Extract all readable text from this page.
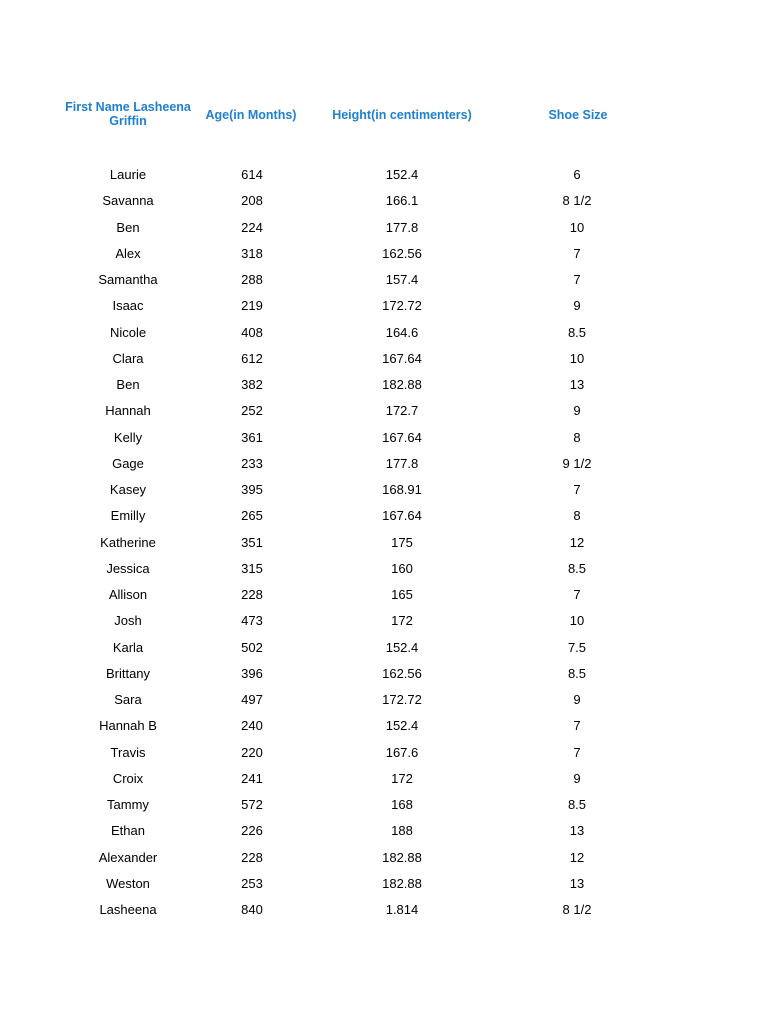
First Name Lasheena Griffin	Age(in Months)	Height(in centimenters)	Shoe Size
Laurie	614	152.4	6
Savanna	208	166.1	8 1/2
Ben	224	177.8	10
Alex	318	162.56	7
Samantha	288	157.4	7
Isaac	219	172.72	9
Nicole	408	164.6	8.5
Clara	612	167.64	10
Ben	382	182.88	13
Hannah	252	172.7	9
Kelly	361	167.64	8
Gage	233	177.8	9 1/2
Kasey	395	168.91	7
Emilly	265	167.64	8
Katherine	351	175	12
Jessica	315	160	8.5
Allison	228	165	7
Josh	473	172	10
Karla	502	152.4	7.5
Brittany	396	162.56	8.5
Sara	497	172.72	9
Hannah B	240	152.4	7
Travis	220	167.6	7
Croix	241	172	9
Tammy	572	168	8.5
Ethan	226	188	13
Alexander	228	182.88	12
Weston	253	182.88	13
Lasheena	840	1.814	8 1/2
